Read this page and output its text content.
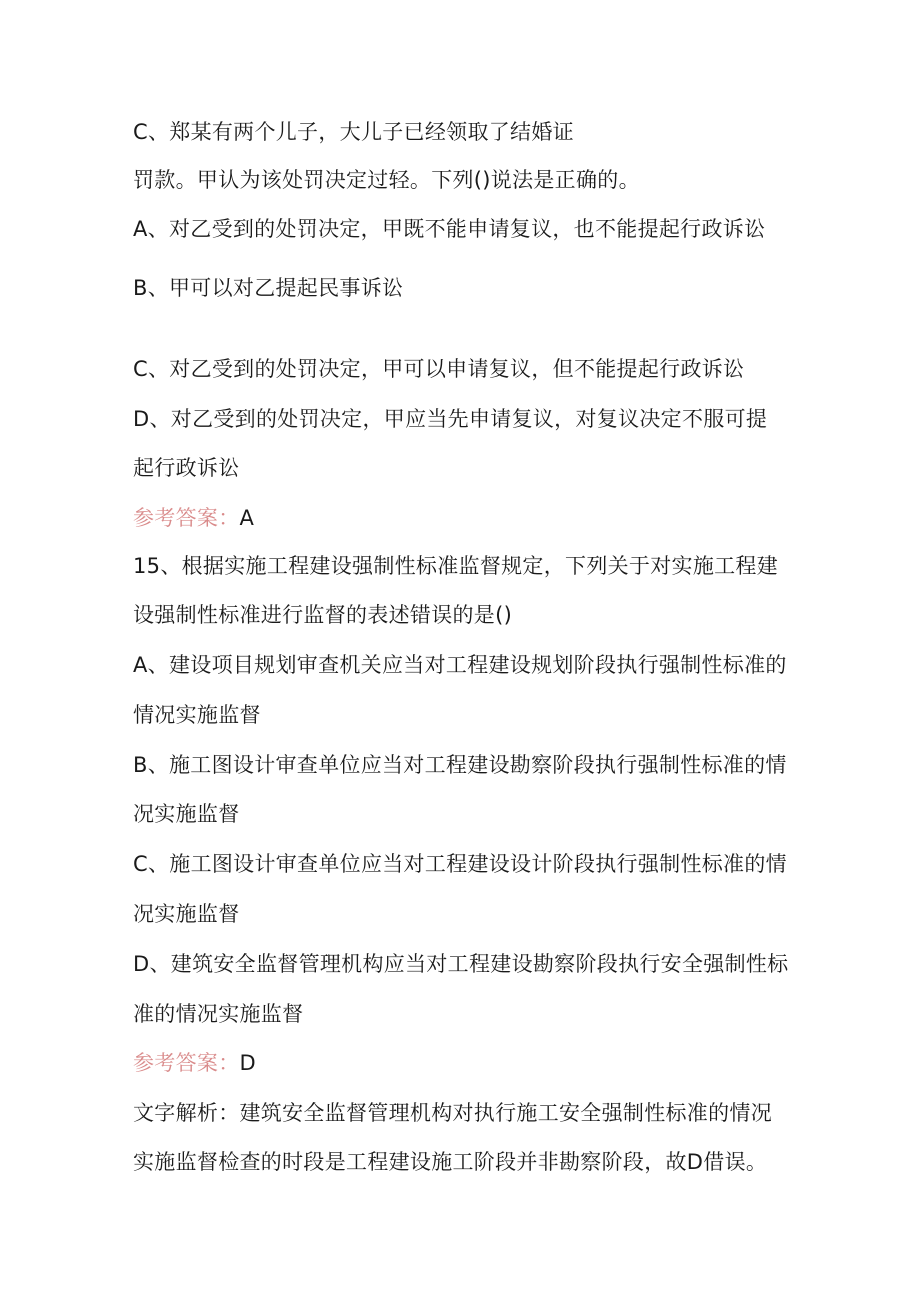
C、郑某有两个儿子，大儿子已经领取了结婚证
罚款。甲认为该处罚决定过轻。下列()说法是正确的。
A、对乙受到的处罚决定，甲既不能申请复议，也不能提起行政诉讼
B、甲可以对乙提起民事诉讼
C、对乙受到的处罚决定，甲可以申请复议，但不能提起行政诉讼
D、对乙受到的处罚决定，甲应当先申请复议，对复议决定不服可提
起行政诉讼
参考答案：A
15、根据实施工程建设强制性标准监督规定，下列关于对实施工程建
设强制性标准进行监督的表述错误的是()
A、建设项目规划审查机关应当对工程建设规划阶段执行强制性标准的
情况实施监督
B、施工图设计审查单位应当对工程建设勘察阶段执行强制性标准的情
况实施监督
C、施工图设计审查单位应当对工程建设设计阶段执行强制性标准的情
况实施监督
D、建筑安全监督管理机构应当对工程建设勘察阶段执行安全强制性标
准的情况实施监督
参考答案：D
文字解析：建筑安全监督管理机构对执行施工安全强制性标准的情况
实施监督检查的时段是工程建设施工阶段并非勘察阶段，故D借误。
